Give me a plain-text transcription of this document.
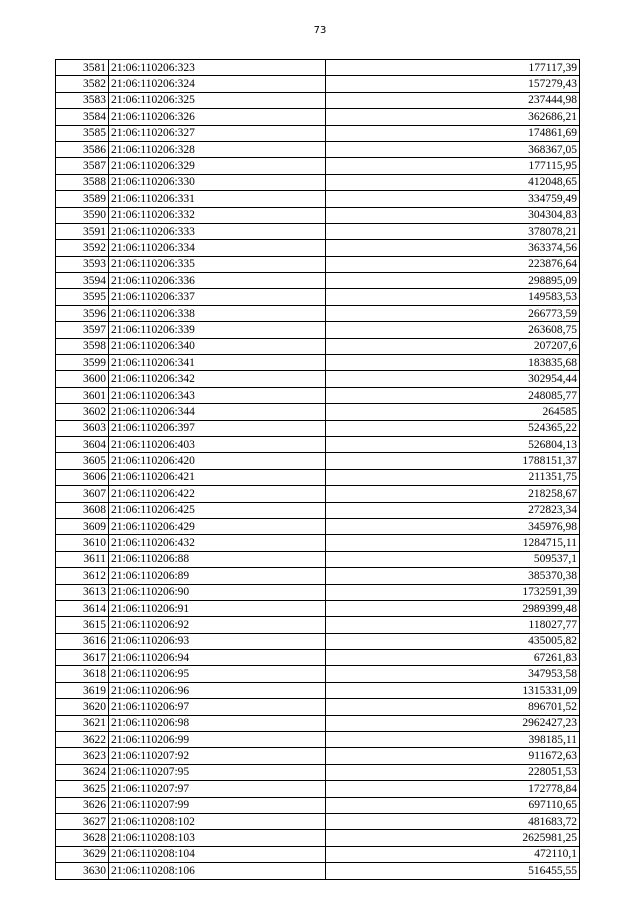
73
3581	21:06:110206:323	177117,39
3582	21:06:110206:324	157279,43
3583	21:06:110206:325	237444,98
3584	21:06:110206:326	362686,21
3585	21:06:110206:327	174861,69
3586	21:06:110206:328	368367,05
3587	21:06:110206:329	177115,95
3588	21:06:110206:330	412048,65
3589	21:06:110206:331	334759,49
3590	21:06:110206:332	304304,83
3591	21:06:110206:333	378078,21
3592	21:06:110206:334	363374,56
3593	21:06:110206:335	223876,64
3594	21:06:110206:336	298895,09
3595	21:06:110206:337	149583,53
3596	21:06:110206:338	266773,59
3597	21:06:110206:339	263608,75
3598	21:06:110206:340	207207,6
3599	21:06:110206:341	183835,68
3600	21:06:110206:342	302954,44
3601	21:06:110206:343	248085,77
3602	21:06:110206:344	264585
3603	21:06:110206:397	524365,22
3604	21:06:110206:403	526804,13
3605	21:06:110206:420	1788151,37
3606	21:06:110206:421	211351,75
3607	21:06:110206:422	218258,67
3608	21:06:110206:425	272823,34
3609	21:06:110206:429	345976,98
3610	21:06:110206:432	1284715,11
3611	21:06:110206:88	509537,1
3612	21:06:110206:89	385370,38
3613	21:06:110206:90	1732591,39
3614	21:06:110206:91	2989399,48
3615	21:06:110206:92	118027,77
3616	21:06:110206:93	435005,82
3617	21:06:110206:94	67261,83
3618	21:06:110206:95	347953,58
3619	21:06:110206:96	1315331,09
3620	21:06:110206:97	896701,52
3621	21:06:110206:98	2962427,23
3622	21:06:110206:99	398185,11
3623	21:06:110207:92	911672,63
3624	21:06:110207:95	228051,53
3625	21:06:110207:97	172778,84
3626	21:06:110207:99	697110,65
3627	21:06:110208:102	481683,72
3628	21:06:110208:103	2625981,25
3629	21:06:110208:104	472110,1
3630	21:06:110208:106	516455,55
